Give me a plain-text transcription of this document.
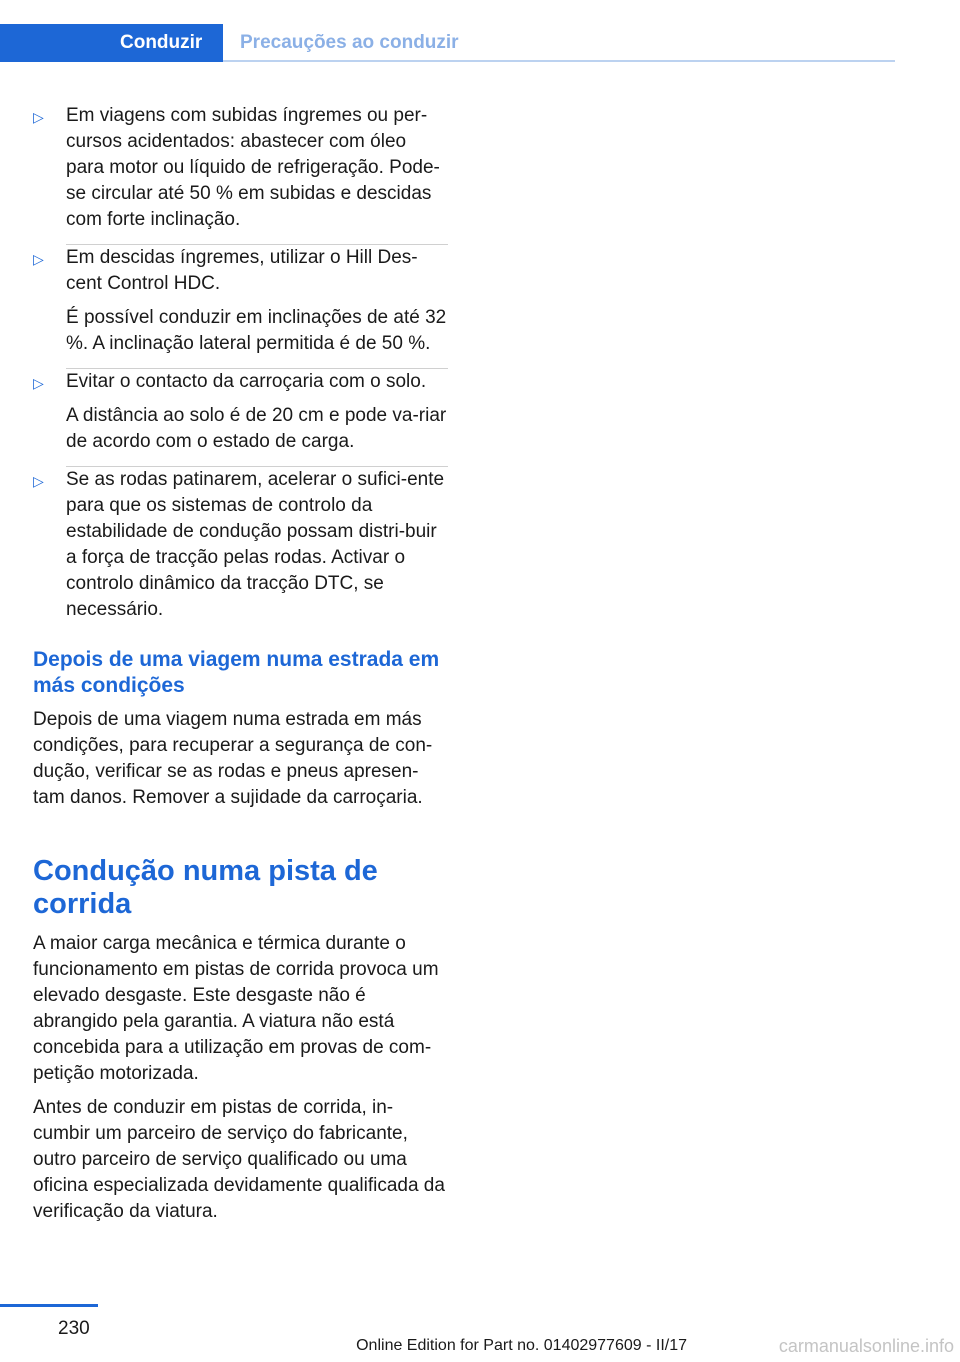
Conduzir	Precauções ao conduzir
▷ Em viagens com subidas íngremes ou per-cursos acidentados: abastecer com óleo para motor ou líquido de refrigeração. Pode-se circular até 50 % em subidas e descidas com forte inclinação.

▷ Em descidas íngremes, utilizar o Hill Des-cent Control HDC.

É possível conduzir em inclinações de até 32 %. A inclinação lateral permitida é de 50 %.

▷ Evitar o contacto da carroçaria com o solo.

A distância ao solo é de 20 cm e pode va-riar de acordo com o estado de carga.

▷ Se as rodas patinarem, acelerar o sufici-ente para que os sistemas de controlo da estabilidade de condução possam distri-buir a força de tracção pelas rodas. Activar o controlo dinâmico da tracção DTC, se necessário.

Depois de uma viagem numa estrada em más condições

Depois de uma viagem numa estrada em más condições, para recuperar a segurança de con-dução, verificar se as rodas e pneus apresen-tam danos. Remover a sujidade da carroçaria.

Condução numa pista de corrida

A maior carga mecânica e térmica durante o funcionamento em pistas de corrida provoca um elevado desgaste. Este desgaste não é abrangido pela garantia. A viatura não está concebida para a utilização em provas de com-petição motorizada.

Antes de conduzir em pistas de corrida, in-cumbir um parceiro de serviço do fabricante, outro parceiro de serviço qualificado ou uma oficina especializada devidamente qualificada da verificação da viatura.

230
Online Edition for Part no. 01402977609 - II/17	carmanualsonline.info
